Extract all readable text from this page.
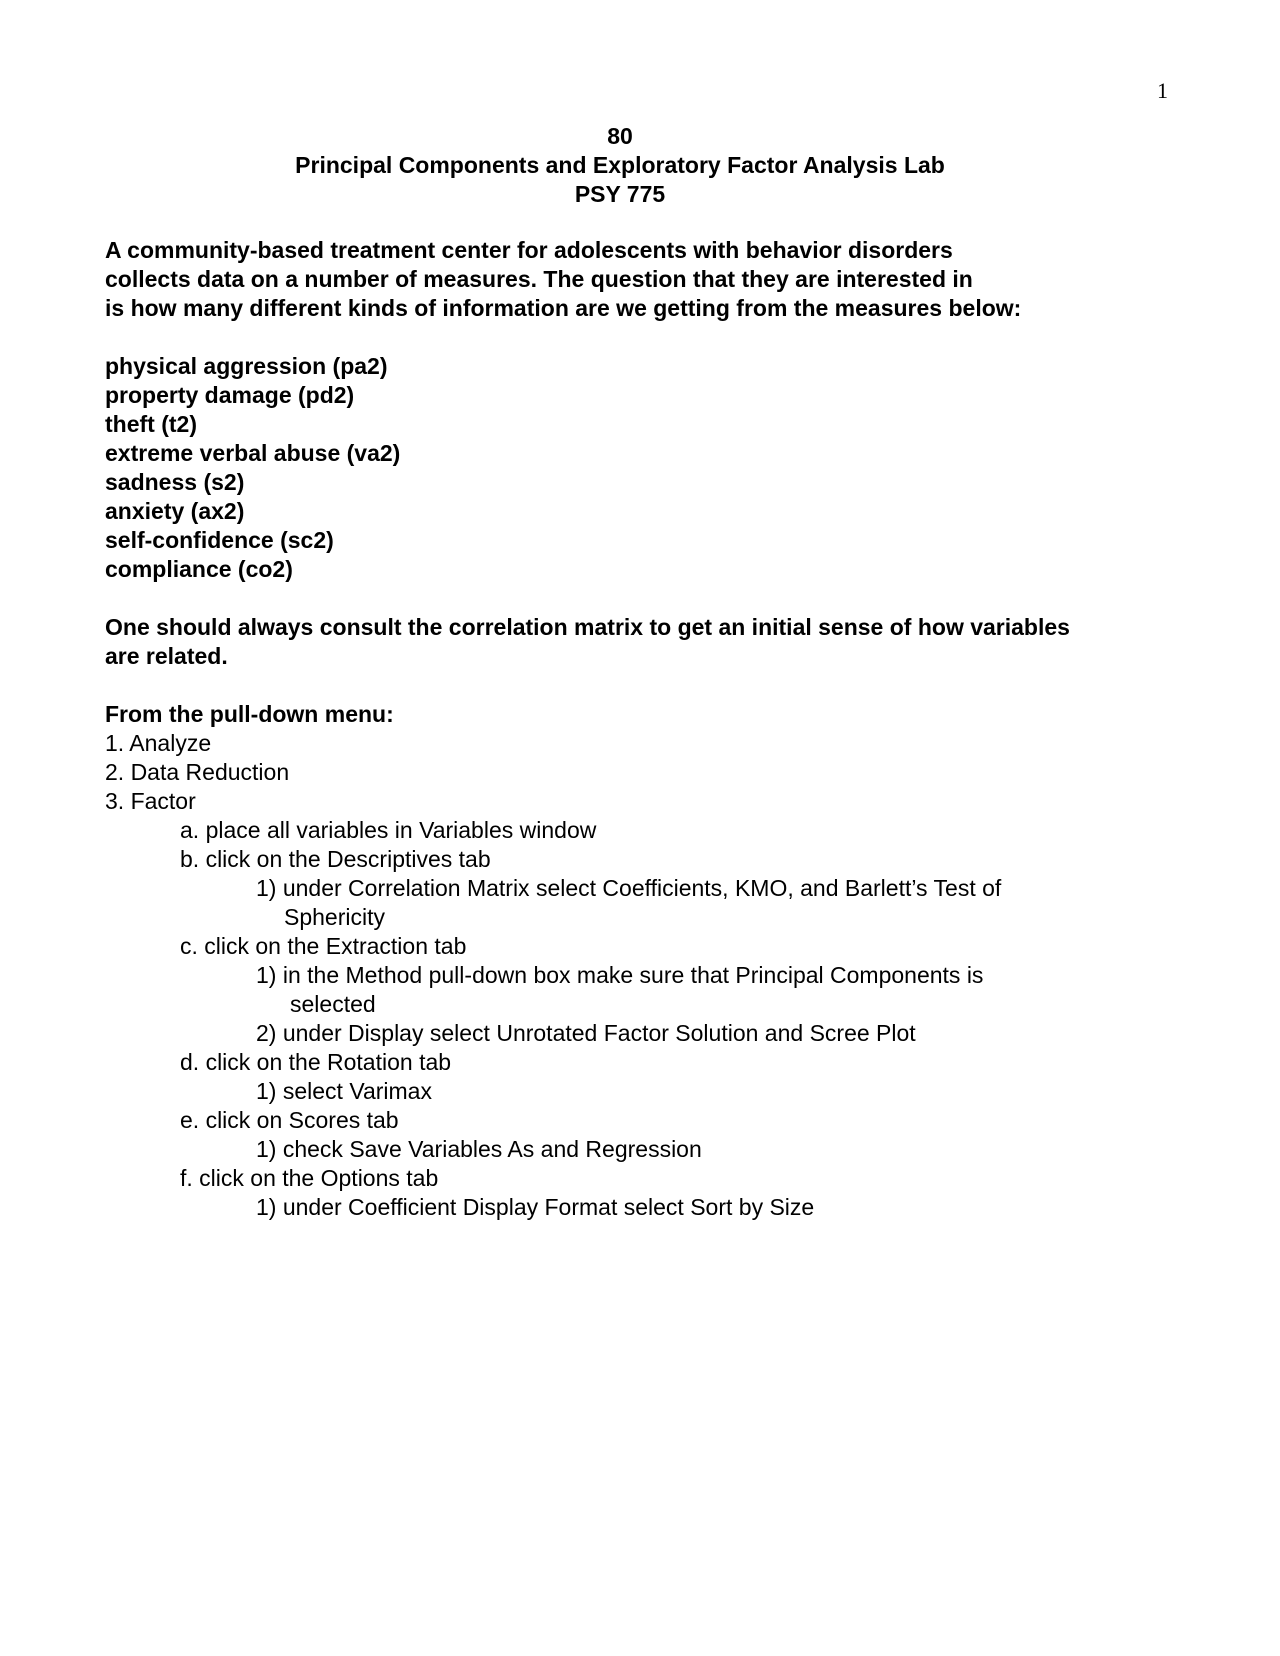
1
80
Principal Components and Exploratory Factor Analysis Lab
PSY 775
A community-based treatment center for adolescents with behavior disorders
collects data on a number of measures. The question that they are interested in
is how many different kinds of information are we getting from the measures below:
physical aggression (pa2)
property damage (pd2)
theft (t2)
extreme verbal abuse (va2)
sadness (s2)
anxiety (ax2)
self-confidence (sc2)
compliance (co2)
One should always consult the correlation matrix to get an initial sense of how variables
are related.
From the pull-down menu:
1. Analyze
2. Data Reduction
3. Factor
a. place all variables in Variables window
b. click on the Descriptives tab
1) under Correlation Matrix select Coefficients, KMO, and Barlett’s Test of
Sphericity
c. click on the Extraction tab
1) in the Method pull-down box make sure that Principal Components is
selected
2) under Display select Unrotated Factor Solution and Scree Plot
d. click on the Rotation tab
1) select Varimax
e. click on Scores tab
1) check Save Variables As and Regression
f. click on the Options tab
1) under Coefficient Display Format select Sort by Size
